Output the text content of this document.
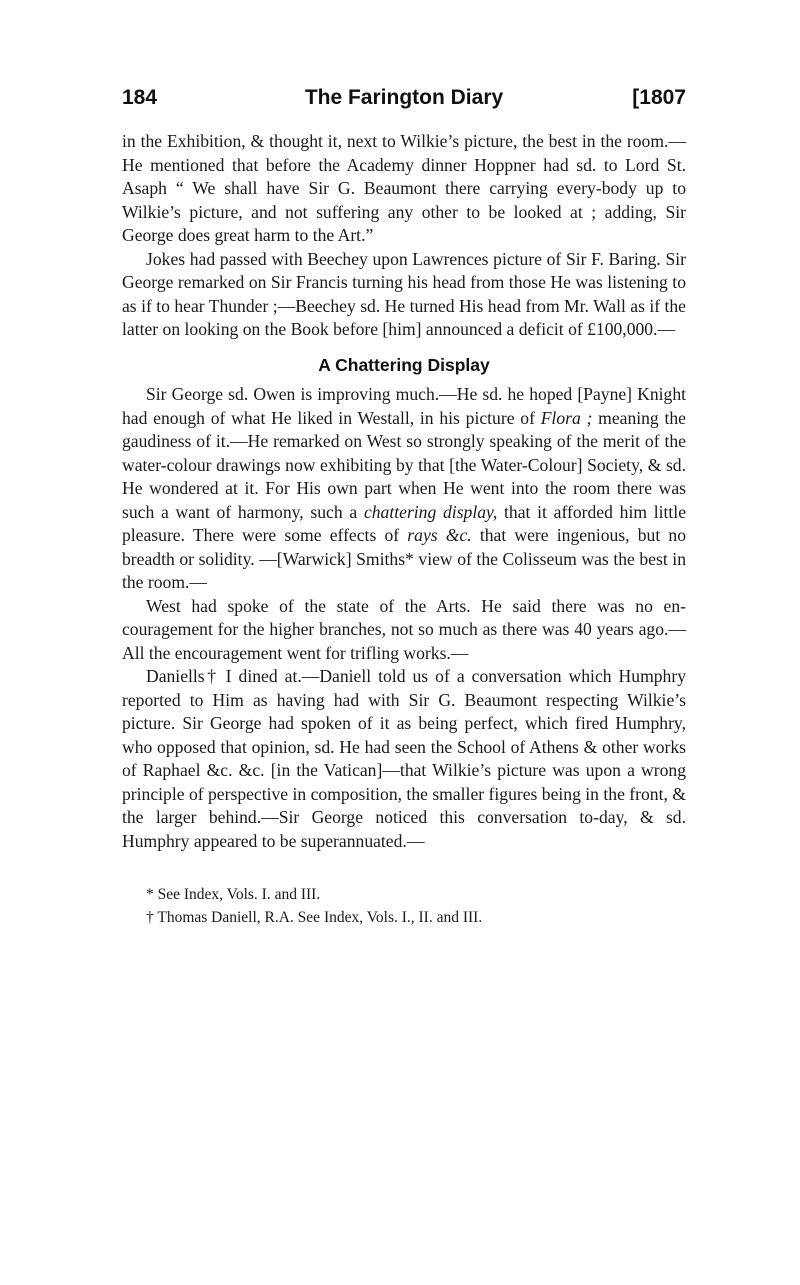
184	The Farington Diary	[1807

in the Exhibition, & thought it, next to Wilkie’s picture, the best in the room.—He mentioned that before the Academy dinner Hoppner had sd. to Lord St. Asaph “ We shall have Sir G. Beaumont there carrying every-body up to Wilkie’s picture, and not suffering any other to be looked at ; adding, Sir George does great harm to the Art.”

Jokes had passed with Beechey upon Lawrences picture of Sir F. Baring. Sir George remarked on Sir Francis turning his head from those He was listening to as if to hear Thunder ;—Beechey sd. He turned His head from Mr. Wall as if the latter on looking on the Book before [him] announced a deficit of £100,000.—

A Chattering Display

Sir George sd. Owen is improving much.—He sd. he hoped [Payne] Knight had enough of what He liked in Westall, in his picture of Flora ; meaning the gaudiness of it.—He remarked on West so strongly speaking of the merit of the water-colour drawings now exhibiting by that [the Water-Colour] Society, & sd. He wondered at it. For His own part when He went into the room there was such a want of harmony, such a chattering display, that it afforded him little pleasure. There were some effects of rays &c. that were ingenious, but no breadth or solidity. —[Warwick] Smiths* view of the Colisseum was the best in the room.—

West had spoke of the state of the Arts. He said there was no en-couragement for the higher branches, not so much as there was 40 years ago.—All the encouragement went for trifling works.—

Daniells† I dined at.—Daniell told us of a conversation which Humphry reported to Him as having had with Sir G. Beaumont respecting Wilkie’s picture. Sir George had spoken of it as being perfect, which fired Humphry, who opposed that opinion, sd. He had seen the School of Athens & other works of Raphael &c. &c. [in the Vatican]—that Wilkie’s picture was upon a wrong principle of perspective in composition, the smaller figures being in the front, & the larger behind.—Sir George noticed this conversation to-day, & sd. Humphry appeared to be superannuated.—

* See Index, Vols. I. and III.

† Thomas Daniell, R.A. See Index, Vols. I., II. and III.
